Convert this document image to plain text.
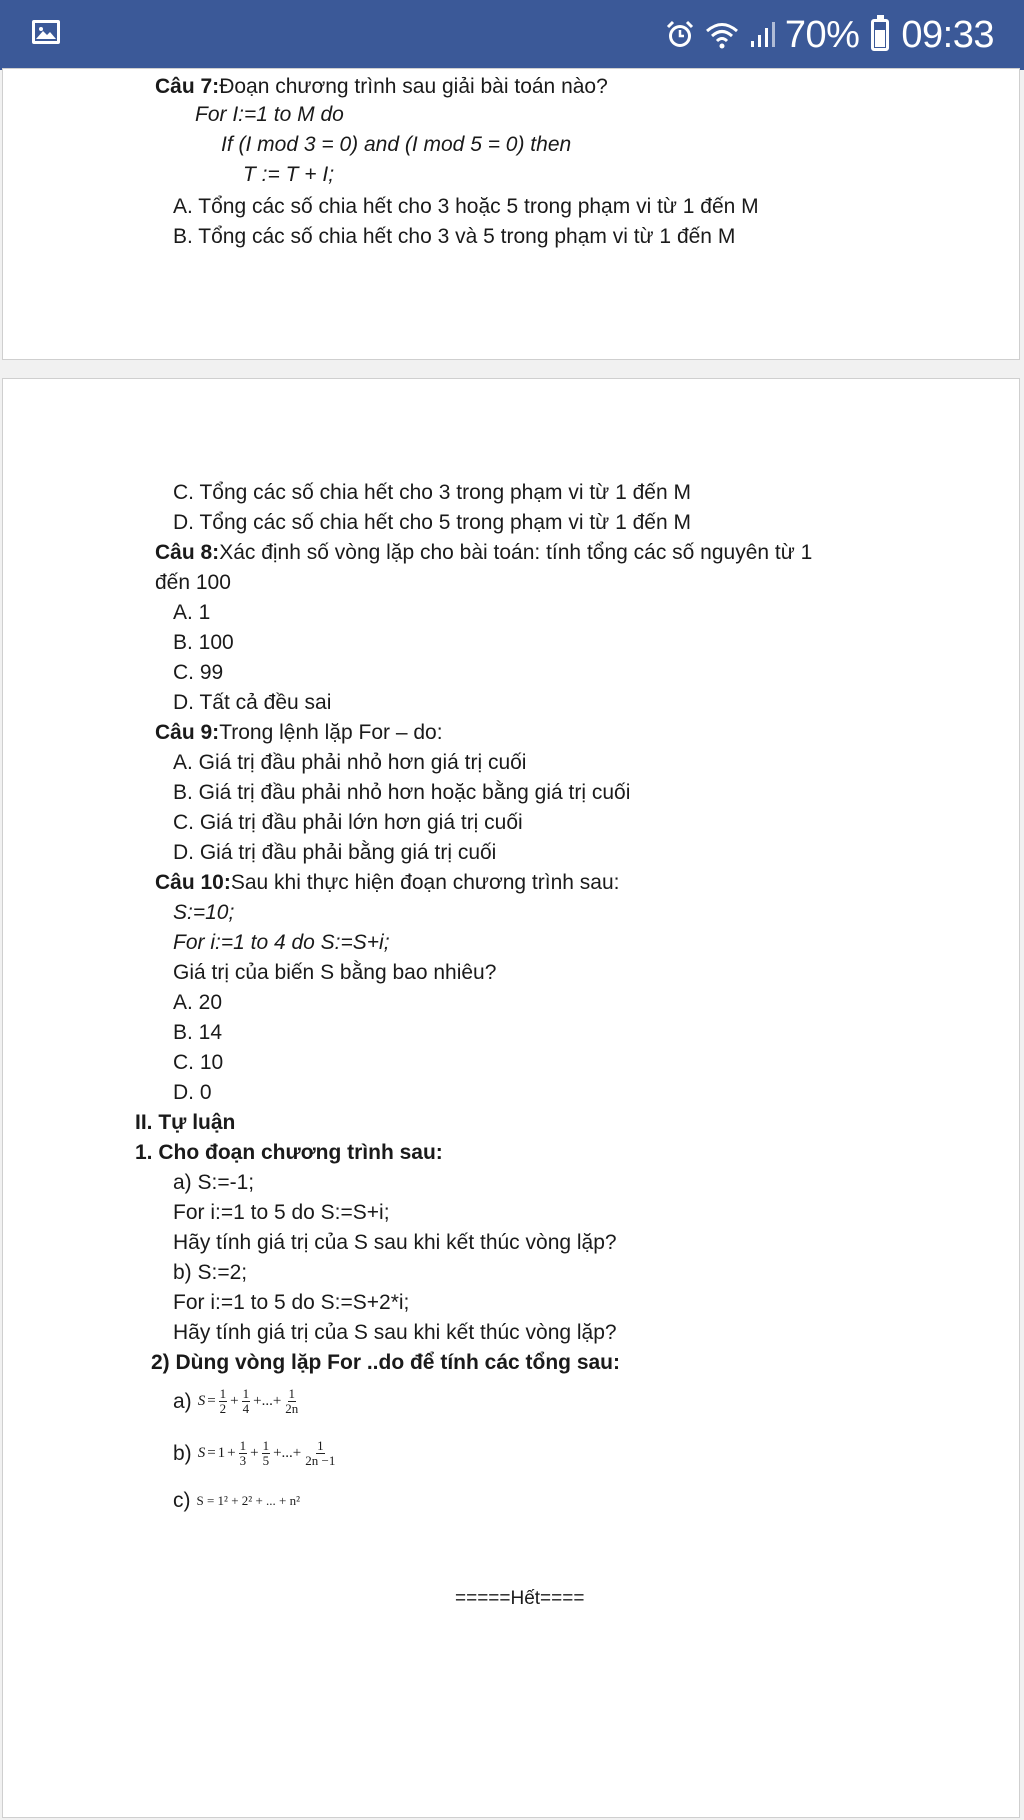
70% 09:33
Câu 7:Đoạn chương trình sau giải bài toán nào?
For I:=1 to M do
If (I mod 3 = 0) and (I mod 5 = 0) then
T := T + I;
A. Tổng các số chia hết cho 3 hoặc 5 trong phạm vi từ 1 đến M
B. Tổng các số chia hết cho 3 và 5 trong phạm vi từ 1 đến M
C. Tổng các số chia hết cho 3 trong phạm vi từ 1 đến M
D. Tổng các số chia hết cho 5 trong phạm vi từ 1 đến M
Câu 8:Xác định số vòng lặp cho bài toán: tính tổng các số nguyên từ 1
đến 100
A. 1
B. 100
C. 99
D. Tất cả đều sai
Câu 9:Trong lệnh lặp For – do:
A. Giá trị đầu phải nhỏ hơn giá trị cuối
B. Giá trị đầu phải nhỏ hơn hoặc bằng giá trị cuối
C. Giá trị đầu phải lớn hơn giá trị cuối
D. Giá trị đầu phải bằng giá trị cuối
Câu 10:Sau khi thực hiện đoạn chương trình sau:
S:=10;
For i:=1 to 4 do S:=S+i;
Giá trị của biến S bằng bao nhiêu?
A. 20
B. 14
C. 10
D. 0
II. Tự luận
1. Cho đoạn chương trình sau:
a) S:=-1;
For i:=1 to 5 do S:=S+i;
Hãy tính giá trị của S sau khi kết thúc vòng lặp?
b) S:=2;
For i:=1 to 5 do S:=S+2*i;
Hãy tính giá trị của S sau khi kết thúc vòng lặp?
2) Dùng vòng lặp For ..do để tính các tổng sau:
a) $S = \frac{1}{2} + \frac{1}{4}$ +...+ $\frac{1}{2n}$
b) $S = 1 + \frac{1}{3} + \frac{1}{5}$ +...+ $\frac{1}{2n -1}$
c) S = 1² + 2² + ... + n²
=====Hết====
